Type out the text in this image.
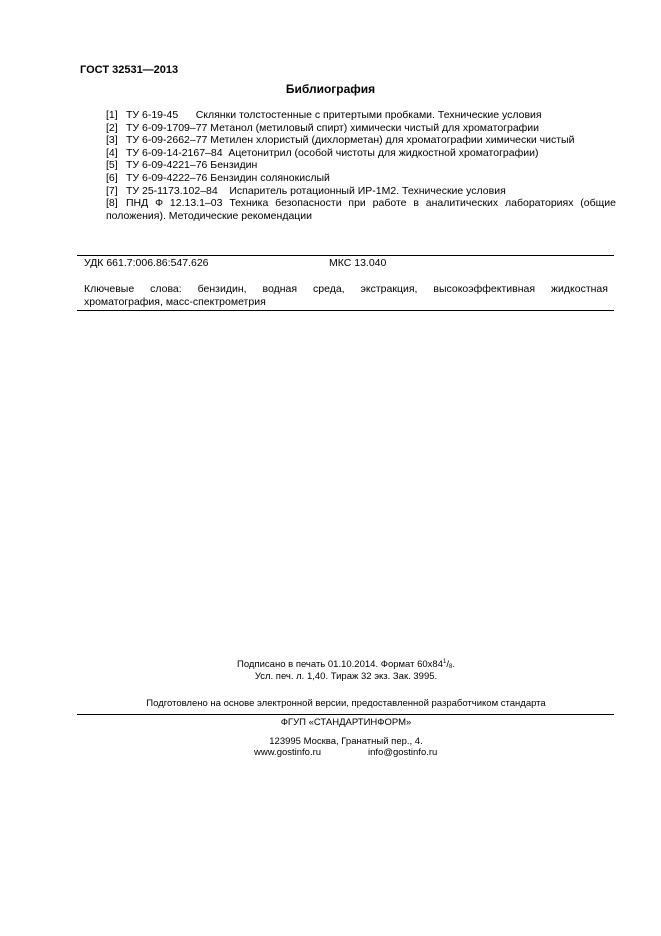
ГОСТ 32531—2013
Библиография
[1] ТУ 6-19-45      Склянки толстостенные с притертыми пробками. Технические условия
[2] ТУ 6-09-1709–77 Метанол (метиловый спирт) химически чистый для хроматографии
[3] ТУ 6-09-2662–77 Метилен хлористый (дихлорметан) для хроматографии химически чистый
[4] ТУ 6-09-14-2167–84  Ацетонитрил (особой чистоты для жидкостной хроматографии)
[5] ТУ 6-09-4221–76 Бензидин
[6] ТУ 6-09-4222–76 Бензидин солянокислый
[7] ТУ 25-1173.102–84    Испаритель ротационный ИР-1М2. Технические условия
[8] ПНД Ф 12.13.1–03 Техника безопасности при работе в аналитических лабораториях (общие положения). Методические рекомендации
УДК 661.7:006.86:547.626	МКС 13.040
Ключевые слова: бензидин, водная среда, экстракция, высокоэффективная жидкостная
хроматография, масс-спектрометрия
Подписано в печать 01.10.2014. Формат $60x84^1/_8$.
Усл. печ. л. 1,40. Тираж 32 экз. Зак. 3995.
Подготовлено на основе электронной версии, предоставленной разработчиком стандарта
ФГУП «СТАНДАРТИНФОРМ»
123995 Москва, Гранатный пер., 4.
www.gostinfo.ru	info@gostinfo.ru
